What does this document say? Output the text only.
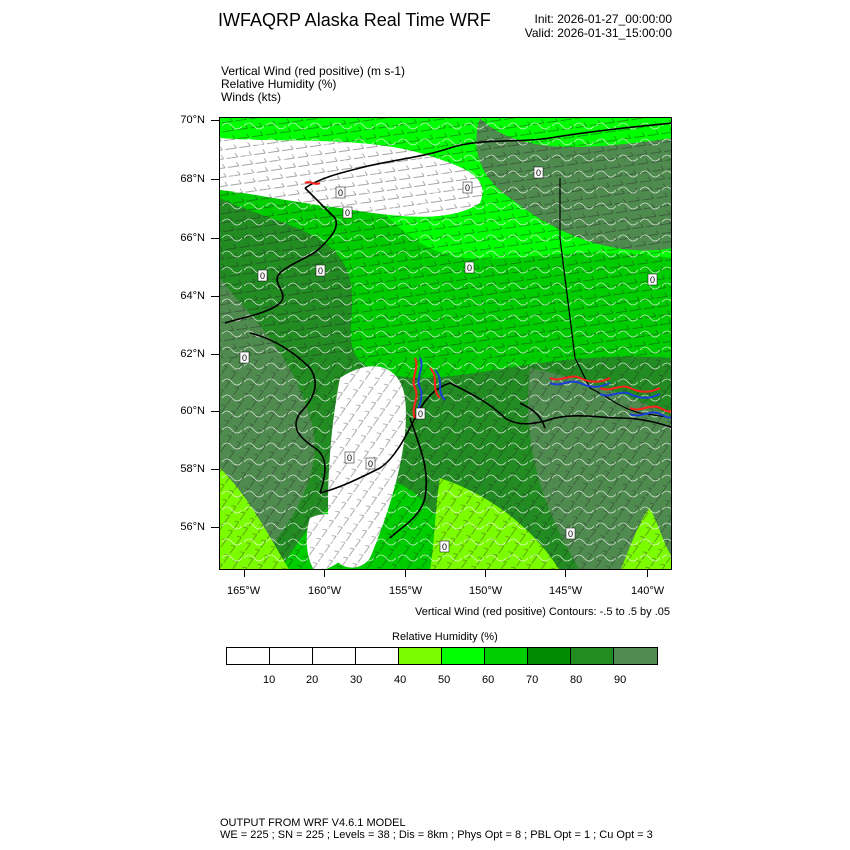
IWFAQRP Alaska Real Time WRF	Init: 2026-01-27_00:00:00
Valid: 2026-01-31_15:00:00
Vertical Wind (red positive) (m s-1)
Relative Humidity (%)
Winds (kts)
0
0
0
0
0
0
0	0
0
0
0
0
0
0
70°N
68°N
66°N
64°N
62°N
60°N
58°N
56°N
165°W	160°W	155°W	150°W	145°W	140°W
Vertical Wind (red positive) Contours: -.5 to .5 by .05
Relative Humidity (%)
10	20	30	40	50	60	70	80	90
OUTPUT FROM WRF V4.6.1 MODEL
WE = 225 ; SN = 225 ; Levels = 38 ; Dis = 8km ; Phys Opt = 8 ; PBL Opt = 1 ; Cu Opt = 3
